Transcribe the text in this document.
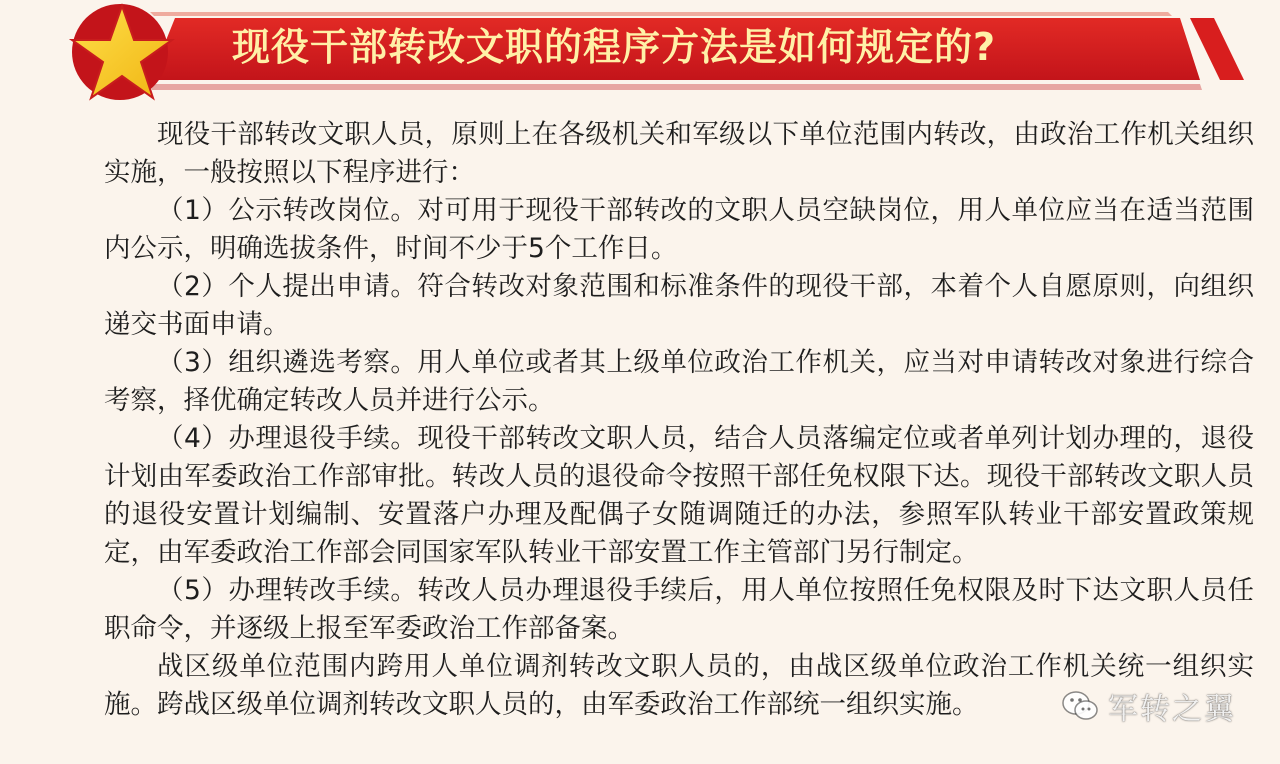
现役干部转改文职的程序方法是如何规定的?

现役干部转改文职人员，原则上在各级机关和军级以下单位范围内转改，由政治工作机关组织实施，一般按照以下程序进行：

（1）公示转改岗位。对可用于现役干部转改的文职人员空缺岗位，用人单位应当在适当范围内公示，明确选拔条件，时间不少于5个工作日。

（2）个人提出申请。符合转改对象范围和标准条件的现役干部，本着个人自愿原则，向组织递交书面申请。

（3）组织遴选考察。用人单位或者其上级单位政治工作机关，应当对申请转改对象进行综合考察，择优确定转改人员并进行公示。

（4）办理退役手续。现役干部转改文职人员，结合人员落编定位或者单列计划办理的，退役计划由军委政治工作部审批。转改人员的退役命令按照干部任免权限下达。现役干部转改文职人员的退役安置计划编制、安置落户办理及配偶子女随调随迁的办法，参照军队转业干部安置政策规定，由军委政治工作部会同国家军队转业干部安置工作主管部门另行制定。

（5）办理转改手续。转改人员办理退役手续后，用人单位按照任免权限及时下达文职人员任职命令，并逐级上报至军委政治工作部备案。

战区级单位范围内跨用人单位调剂转改文职人员的，由战区级单位政治工作机关统一组织实施。跨战区级单位调剂转改文职人员的，由军委政治工作部统一组织实施。	军转之翼
